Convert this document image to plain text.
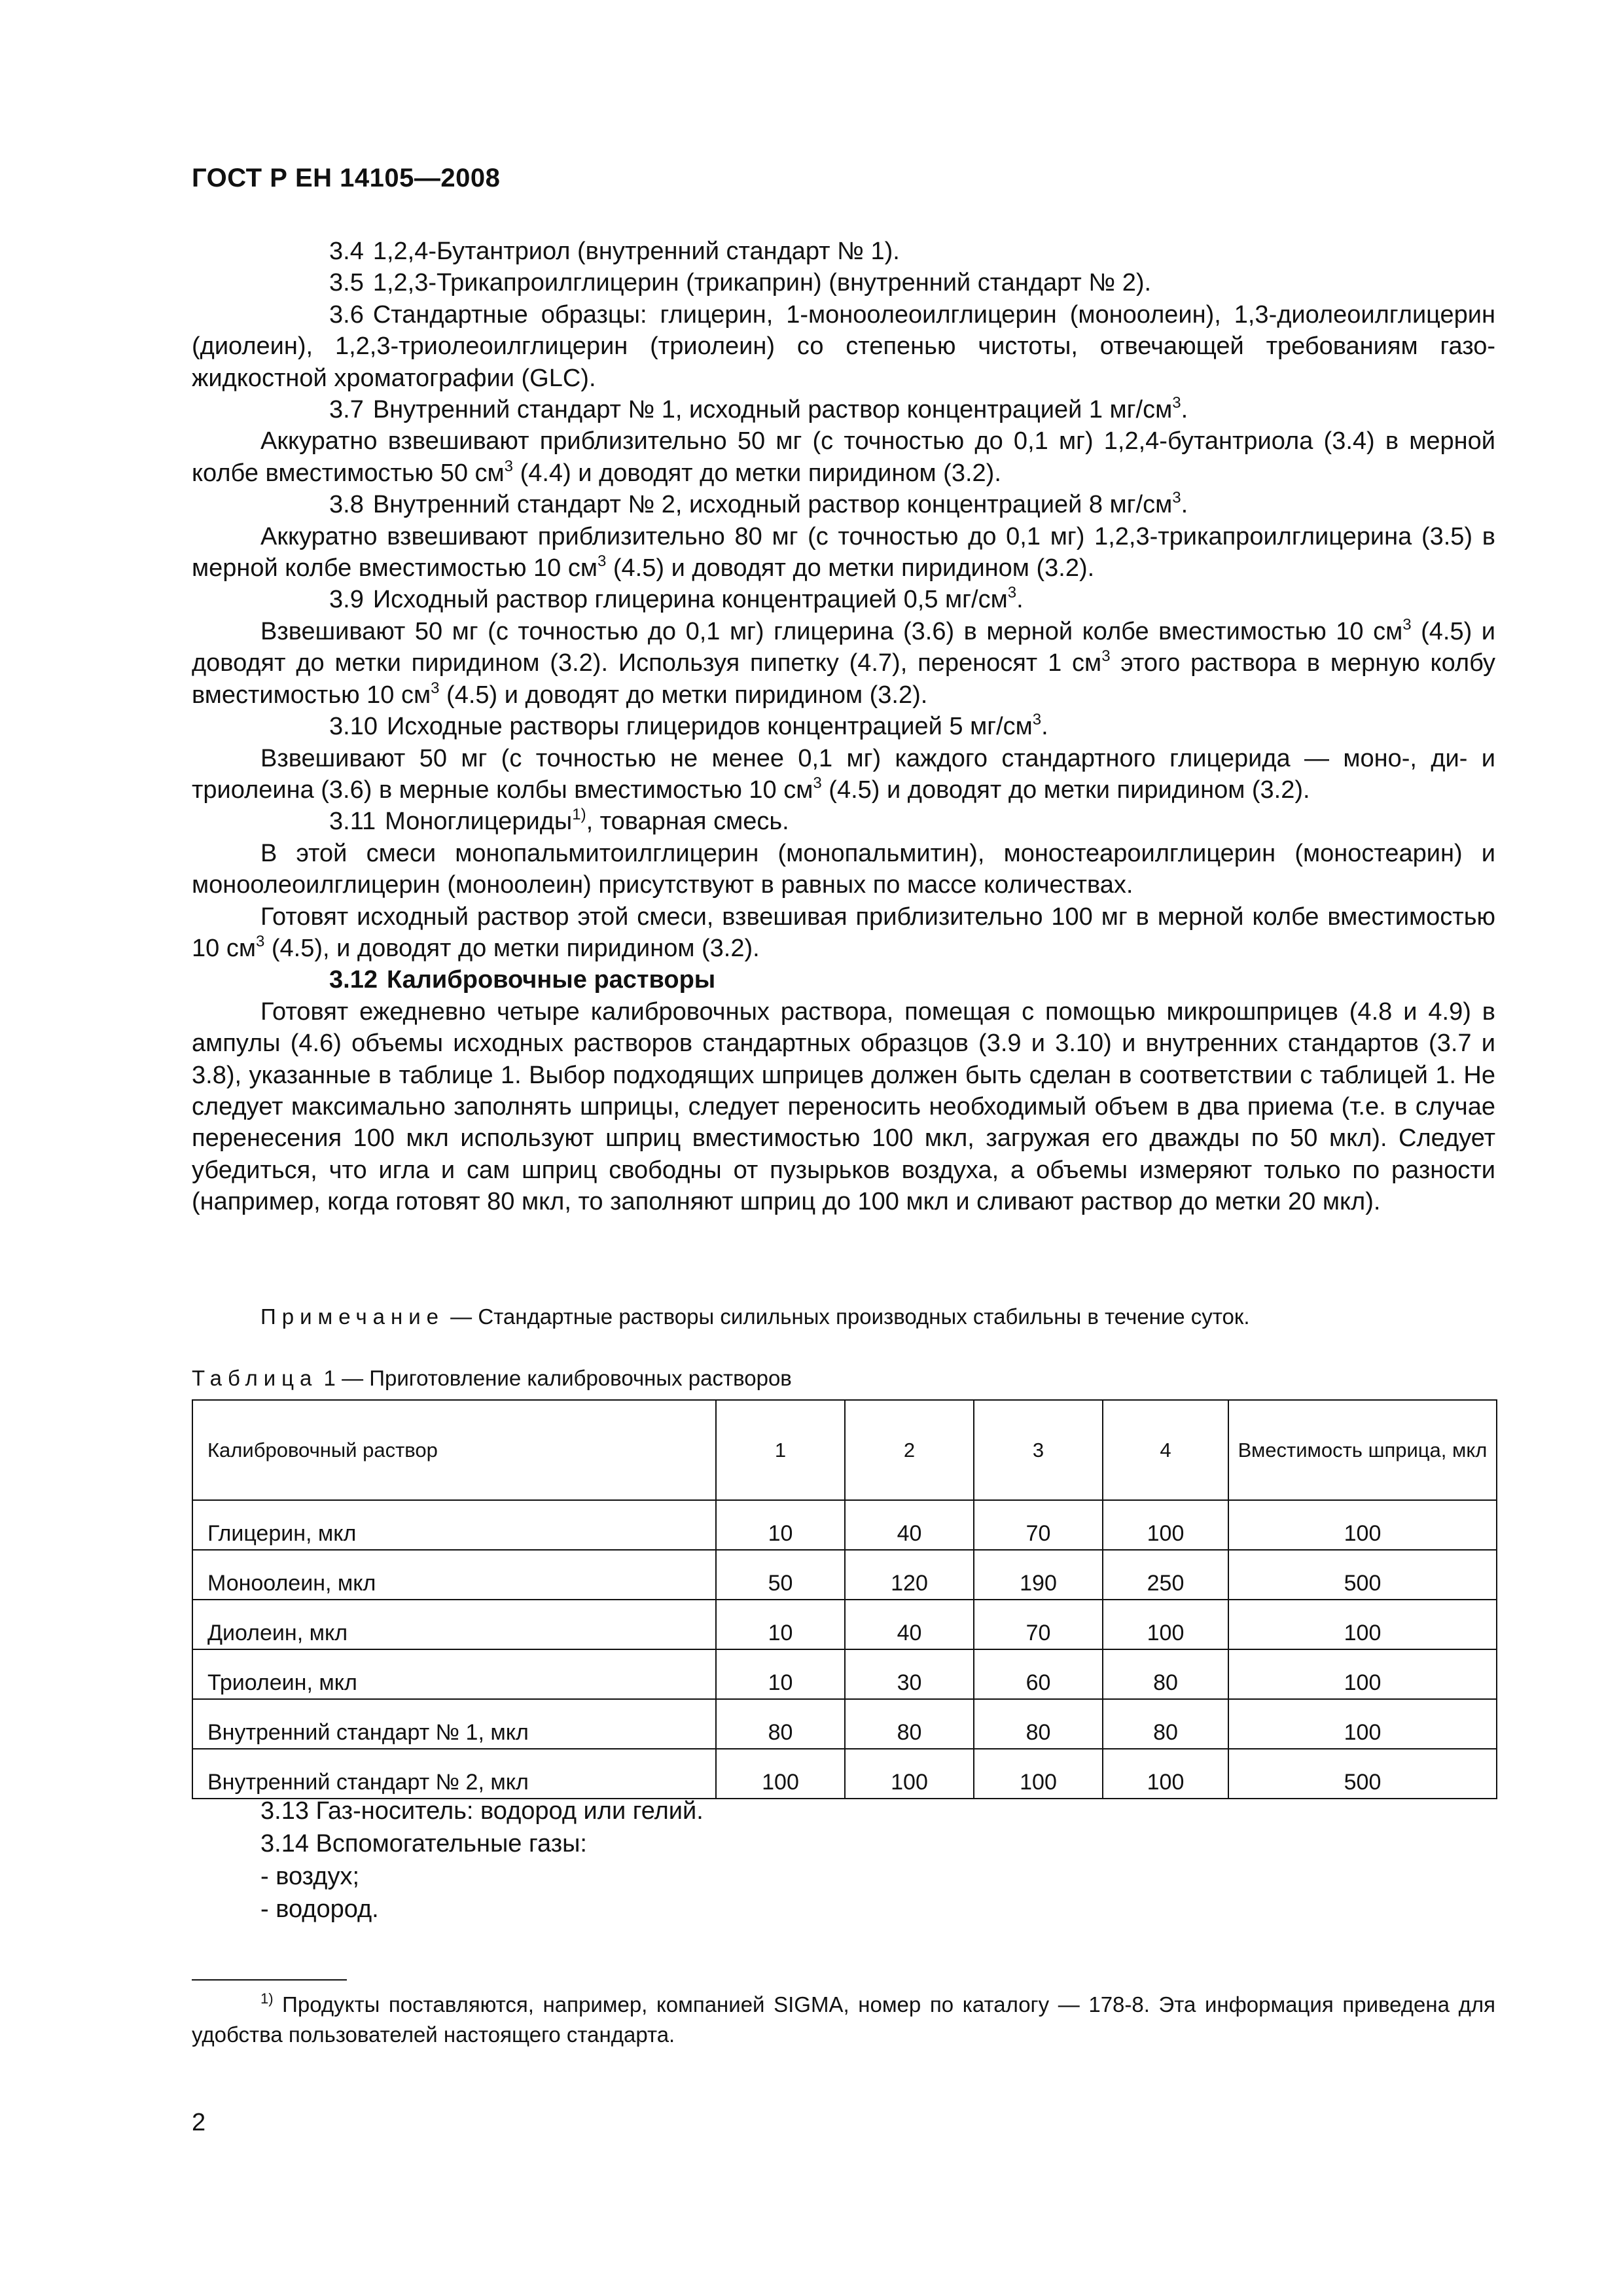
ГОСТ Р ЕН 14105—2008

3.4 1,2,4-Бутантриол (внутренний стандарт № 1).

3.5 1,2,3-Трикапроилглицерин (трикаприн) (внутренний стандарт № 2).

3.6 Стандартные образцы: глицерин, 1-моноолеоилглицерин (моноолеин), 1,3-диолеоилглицерин (диолеин), 1,2,3-триолеоилглицерин (триолеин) со степенью чистоты, отвечающей требованиям газожидкостной хроматографии (GLC).

3.7 Внутренний стандарт № 1, исходный раствор концентрацией 1 $мг/см^3$.

Аккуратно взвешивают приблизительно 50 мг (с точностью до 0,1 мг) 1,2,4-бутантриола (3.4) в мерной колбе вместимостью 50 $см^3$ (4.4) и доводят до метки пиридином (3.2).

3.8 Внутренний стандарт № 2, исходный раствор концентрацией 8 $мг/см^3$.

Аккуратно взвешивают приблизительно 80 мг (с точностью до 0,1 мг) 1,2,3-трикапроилглицерина (3.5) в мерной колбе вместимостью 10 $см^3$ (4.5) и доводят до метки пиридином (3.2).

3.9 Исходный раствор глицерина концентрацией 0,5 $мг/см^3$.

Взвешивают 50 мг (с точностью до 0,1 мг) глицерина (3.6) в мерной колбе вместимостью 10 $см^3$ (4.5) и доводят до метки пиридином (3.2). Используя пипетку (4.7), переносят 1 $см^3$ этого раствора в мерную колбу вместимостью 10 $см^3$ (4.5) и доводят до метки пиридином (3.2).

3.10 Исходные растворы глицеридов концентрацией 5 $мг/см^3$.

Взвешивают 50 мг (с точностью не менее 0,1 мг) каждого стандартного глицерида — моно-, ди- и триолеина (3.6) в мерные колбы вместимостью 10 $см^3$ (4.5) и доводят до метки пиридином (3.2).

3.11 Моноглицериды$^{1)}$, товарная смесь.

В этой смеси монопальмитоилглицерин (монопальмитин), моностеароилглицерин (моностеарин) и моноолеоилглицерин (моноолеин) присутствуют в равных по массе количествах.

Готовят исходный раствор этой смеси, взвешивая приблизительно 100 мг в мерной колбе вместимостью 10 $см^3$ (4.5), и доводят до метки пиридином (3.2).

3.12 Калибровочные растворы

Готовят ежедневно четыре калибровочных раствора, помещая с помощью микрошприцев (4.8 и 4.9) в ампулы (4.6) объемы исходных растворов стандартных образцов (3.9 и 3.10) и внутренних стандартов (3.7 и 3.8), указанные в таблице 1. Выбор подходящих шприцев должен быть сделан в соответствии с таблицей 1. Не следует максимально заполнять шприцы, следует переносить необходимый объем в два приема (т.е. в случае перенесения 100 мкл используют шприц вместимостью 100 мкл, загружая его дважды по 50 мкл). Следует убедиться, что игла и сам шприц свободны от пузырьков воздуха, а объемы измеряют только по разности (например, когда готовят 80 мкл, то заполняют шприц до 100 мкл и сливают раствор до метки 20 мкл).

Примечание — Стандартные растворы силильных производных стабильны в течение суток.
Таблица 1 — Приготовление калибровочных растворов
Калибровочный раствор	1	2	3	4	Вместимость шприца, мкл
Глицерин, мкл	10	40	70	100	100
Моноолеин, мкл	50	120	190	250	500
Диолеин, мкл	10	40	70	100	100
Триолеин, мкл	10	30	60	80	100
Внутренний стандарт № 1, мкл	80	80	80	80	100
Внутренний стандарт № 2, мкл	100	100	100	100	500

3.13 Газ-носитель: водород или гелий.

3.14 Вспомогательные газы:

- воздух;

- водород.

$^{1)}$ Продукты поставляются, например, компанией SIGMA, номер по каталогу — 178-8. Эта информация приведена для удобства пользователей настоящего стандарта.

2
